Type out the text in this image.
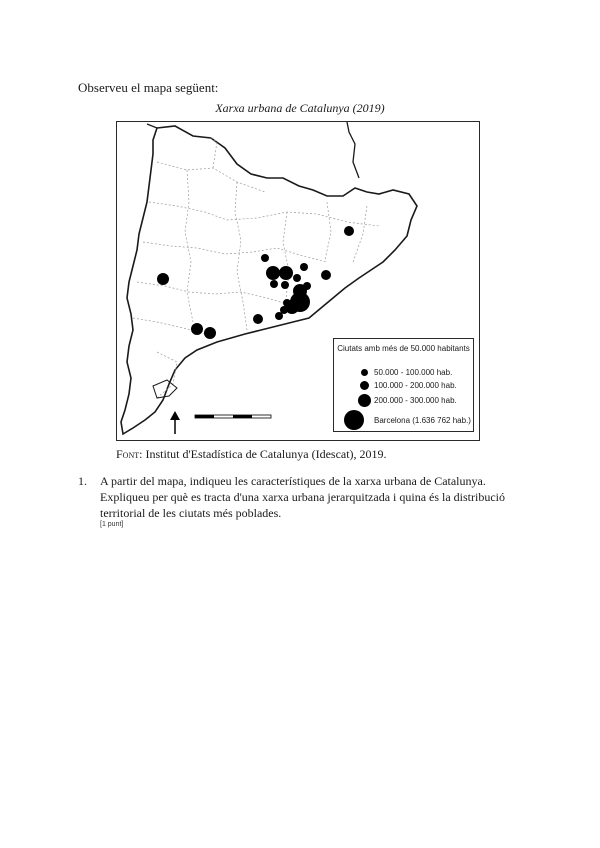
Observeu el mapa següent:
Xarxa urbana de Catalunya (2019)
Ciutats amb més de 50.000 habitants
50.000 - 100.000 hab.
100.000 - 200.000 hab.
200.000 - 300.000 hab.
Barcelona (1.636 762 hab.)
Font: Institut d'Estadística de Catalunya (Idescat), 2019.
1. A partir del mapa, indiqueu les característiques de la xarxa urbana de Catalunya. Expliqueu per què es tracta d'una xarxa urbana jerarquitzada i quina és la distribució territorial de les ciutats més poblades.
[1 punt]
